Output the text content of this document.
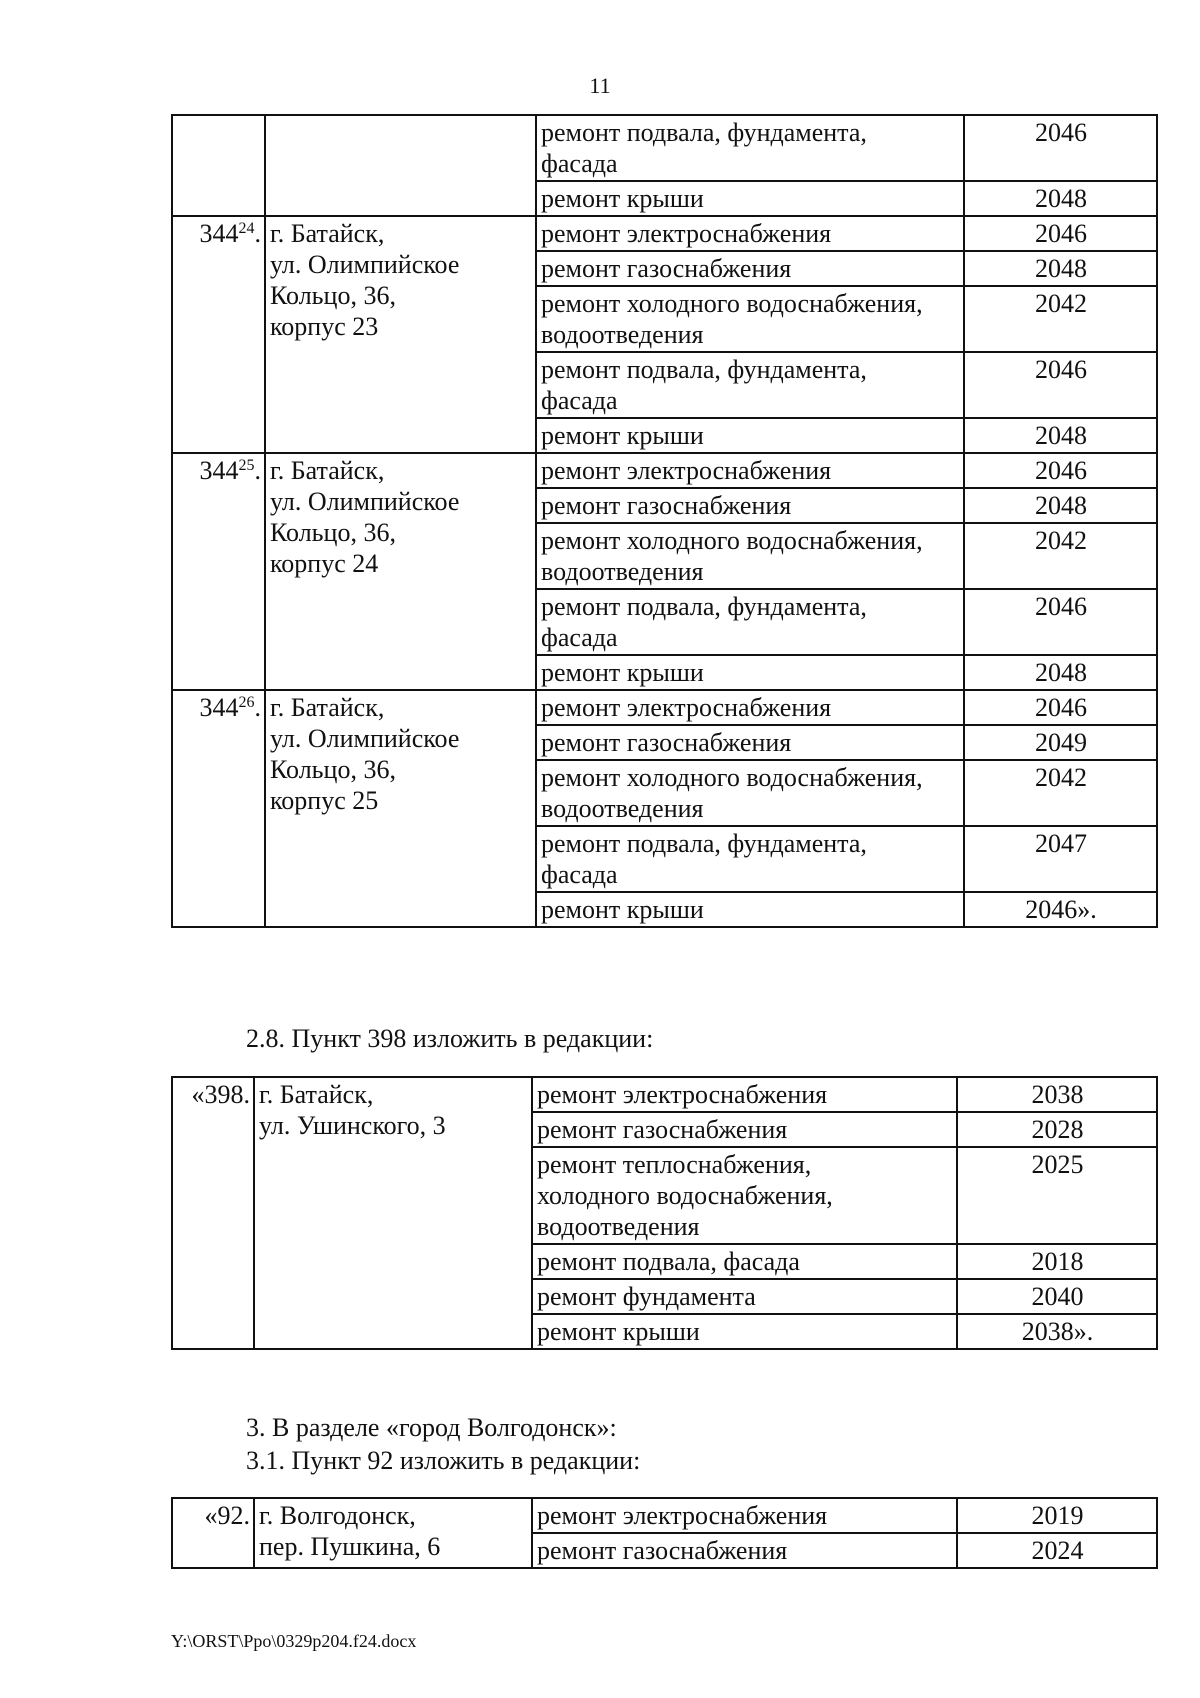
11

		ремонт подвала, фундамента,
фасада	2046

		ремонт крыши	2048
$344^{24}$.	г. Батайск,
ул. Олимпийское
Кольцо, 36,
корпус 23	ремонт электроснабжения	2046

		ремонт газоснабжения	2048

		ремонт холодного водоснабжения,
водоотведения	2042

		ремонт подвала, фундамента,
фасада	2046

		ремонт крыши	2048
$344^{25}$.	г. Батайск,
ул. Олимпийское
Кольцо, 36,
корпус 24	ремонт электроснабжения	2046

		ремонт газоснабжения	2048

		ремонт холодного водоснабжения,
водоотведения	2042

		ремонт подвала, фундамента,
фасада	2046

		ремонт крыши	2048
$344^{26}$.	г. Батайск,
ул. Олимпийское
Кольцо, 36,
корпус 25	ремонт электроснабжения	2046

		ремонт газоснабжения	2049

		ремонт холодного водоснабжения,
водоотведения	2042

		ремонт подвала, фундамента,
фасада	2047

		ремонт крыши	2046».
2.8. Пункт 398 изложить в редакции:
«398.	г. Батайск,
ул. Ушинского, 3	ремонт электроснабжения	2038

		ремонт газоснабжения	2028

		ремонт теплоснабжения,
холодного водоснабжения,
водоотведения	2025

		ремонт подвала, фасада	2018

		ремонт фундамента	2040

		ремонт крыши	2038».
3. В разделе «город Волгодонск»:
3.1. Пункт 92 изложить в редакции:
«92.	г. Волгодонск,
пер. Пушкина, 6	ремонт электроснабжения	2019

		ремонт газоснабжения	2024
Y:\ORST\Ppo\0329p204.f24.docx
